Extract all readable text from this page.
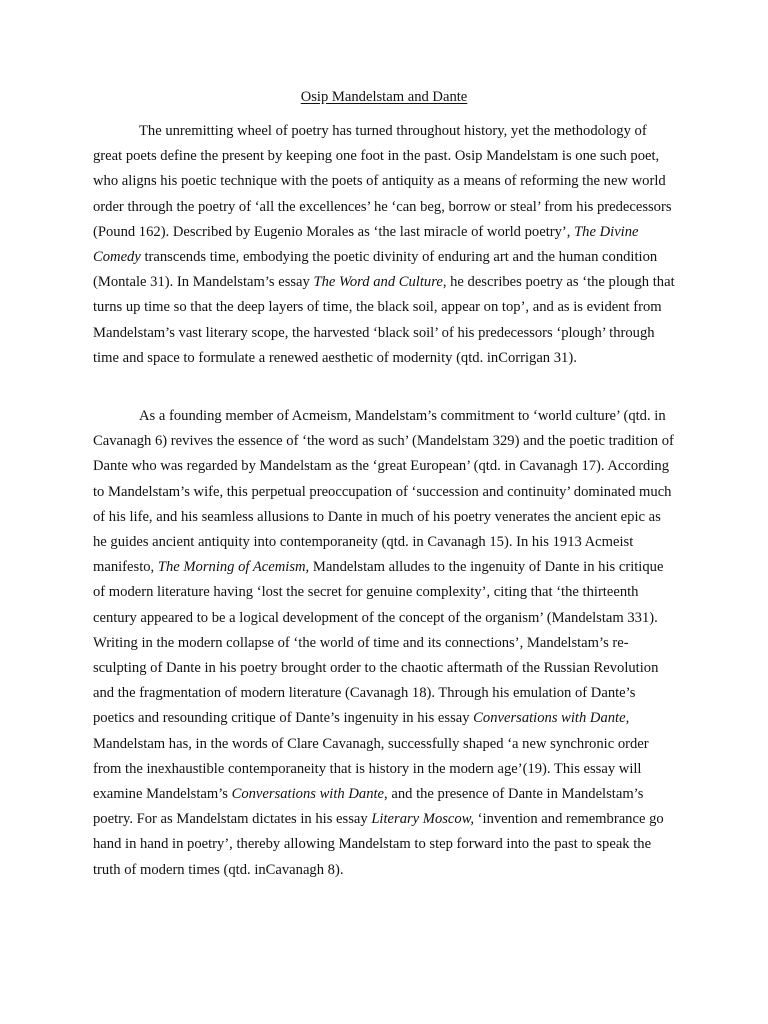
Osip Mandelstam and Dante

The unremitting wheel of poetry has turned throughout history, yet the methodology of great poets define the present by keeping one foot in the past. Osip Mandelstam is one such poet, who aligns his poetic technique with the poets of antiquity as a means of reforming the new world order through the poetry of ‘all the excellences’ he ‘can beg, borrow or steal’ from his predecessors (Pound 162). Described by Eugenio Morales as ‘the last miracle of world poetry’, The Divine Comedy transcends time, embodying the poetic divinity of enduring art and the human condition (Montale 31). In Mandelstam’s essay The Word and Culture, he describes poetry as ‘the plough that turns up time so that the deep layers of time, the black soil, appear on top’, and as is evident from Mandelstam’s vast literary scope, the harvested ‘black soil’ of his predecessors ‘plough’ through time and space to formulate a renewed aesthetic of modernity (qtd. inCorrigan 31).

As a founding member of Acmeism, Mandelstam’s commitment to ‘world culture’ (qtd. in Cavanagh 6) revives the essence of ‘the word as such’ (Mandelstam 329) and the poetic tradition of Dante who was regarded by Mandelstam as the ‘great European’ (qtd. in Cavanagh 17). According to Mandelstam’s wife, this perpetual preoccupation of ‘succession and continuity’ dominated much of his life, and his seamless allusions to Dante in much of his poetry venerates the ancient epic as he guides ancient antiquity into contemporaneity (qtd. in Cavanagh 15). In his 1913 Acmeist manifesto, The Morning of Acemism, Mandelstam alludes to the ingenuity of Dante in his critique of modern literature having ‘lost the secret for genuine complexity’, citing that ‘the thirteenth century appeared to be a logical development of the concept of the organism’ (Mandelstam 331). Writing in the modern collapse of ‘the world of time and its connections’, Mandelstam’s re-sculpting of Dante in his poetry brought order to the chaotic aftermath of the Russian Revolution and the fragmentation of modern literature (Cavanagh 18). Through his emulation of Dante’s poetics and resounding critique of Dante’s ingenuity in his essay Conversations with Dante, Mandelstam has, in the words of Clare Cavanagh, successfully shaped ‘a new synchronic order from the inexhaustible contemporaneity that is history in the modern age’(19). This essay will examine Mandelstam’s Conversations with Dante, and the presence of Dante in Mandelstam’s poetry. For as Mandelstam dictates in his essay Literary Moscow, ‘invention and remembrance go hand in hand in poetry’, thereby allowing Mandelstam to step forward into the past to speak the truth of modern times (qtd. inCavanagh 8).
